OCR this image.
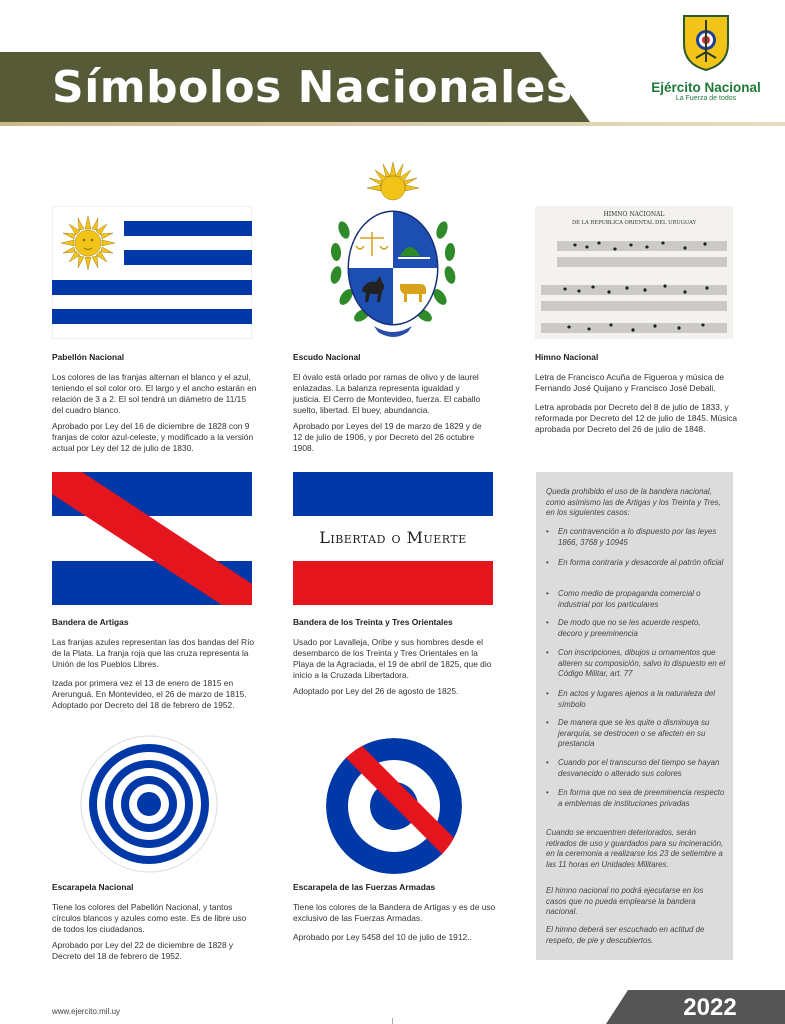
Símbolos Nacionales	Ejército Nacional
La Fuerza de todos
Pabellón Nacional
Los colores de las franjas alternan el blanco y el azul, teniendo el sol color oro. El largo y el ancho estarán en relación de 3 a 2. El sol tendrá un diámetro de 11/15 del cuadro blanco.
Aprobado por Ley del 16 de diciembre de 1828 con 9 franjas de color azul-celeste, y modificado a la versión actual por Ley del 12 de julio de 1830.
Escudo Nacional
El óvalo está orlado por ramas de olivo y de laurel enlazadas. La balanza representa igualdad y justicia. El Cerro de Montevideo, fuerza. El caballo suelto, libertad. El buey, abundancia.
Aprobado por Leyes del 19 de marzo de 1829 y de 12 de julio de 1906, y por Decreto del 26 octubre 1908.
HIMNO NACIONAL
DE LA REPUBLICA ORIENTAL DEL URUGUAY
Himno Nacional
Letra de Francisco Acuña de Figueroa y música de Fernando José Quijano y Francisco José Debali.
Letra aprobada por Decreto del 8 de julio de 1833, y reformada por Decreto del 12 de julio de 1845. Música aprobada por Decreto del 26 de julio de 1848.
Bandera de Artigas
Las franjas azules representan las dos bandas del Río de la Plata. La franja roja que las cruza representa la Unión de los Pueblos Libres.
Izada por primera vez el 13 de enero de 1815 en Arerunguá. En Montevideo, el 26 de marzo de 1815. Adoptado por Decreto del 18 de febrero de 1952.
Libertad o Muerte
Bandera de los Treinta y Tres Orientales
Usado por Lavalleja, Oribe y sus hombres desde el desembarco de los Treinta y Tres Orientales en la Playa de la Agraciada, el 19 de abril de 1825, que dio inicio a la Cruzada Libertadora.
Adoptado por Ley del 26 de agosto de 1825.
Escarapela Nacional
Tiene los colores del Pabellón Nacional, y tantos círculos blancos y azules como este. Es de libre uso de todos los ciudadanos.
Aprobado por Ley del 22 de diciembre de 1828 y Decreto del 18 de febrero de 1952.
Escarapela de las Fuerzas Armadas
Tiene los colores de la Bandera de Artigas y es de uso exclusivo de las Fuerzas Armadas.
Aprobado por Ley 5458 del 10 de julio de 1912..
Queda prohibido el uso de la bandera nacional, como asimismo las de Artigas y los Treinta y Tres, en los siguientes casos:
• En contravención a lo dispuesto por las leyes 1866, 3768 y 10945
• En forma contraria y desacorde al patrón oficial
• Como medio de propaganda comercial o industrial por los particulares
• De modo que no se les acuerde respeto, decoro y preeminencia
• Con inscripciones, dibujos u ornamentos que alteren su composición, salvo lo dispuesto en el Código Militar, art. 77
• En actos y lugares ajenos a la naturaleza del símbolo
• De manera que se les quite o disminuya su jerarquía, se destrocen o se afecten en su prestancia
• Cuando por el transcurso del tiempo se hayan desvanecido o alterado sus colores
• En forma que no sea de preeminencia respecto a emblemas de instituciones privadas
Cuando se encuentren deteriorados, serán retirados de uso y guardados para su incineración, en la ceremonia a realizarse los 23 de setiembre a las 11 horas en Unidades Militares.
El himno nacional no podrá ejecutarse en los casos que no pueda emplearse la bandera nacional.
El himno deberá ser escuchado en actitud de respeto, de pie y descubiertos.
www.ejercito.mil.uy	2022
